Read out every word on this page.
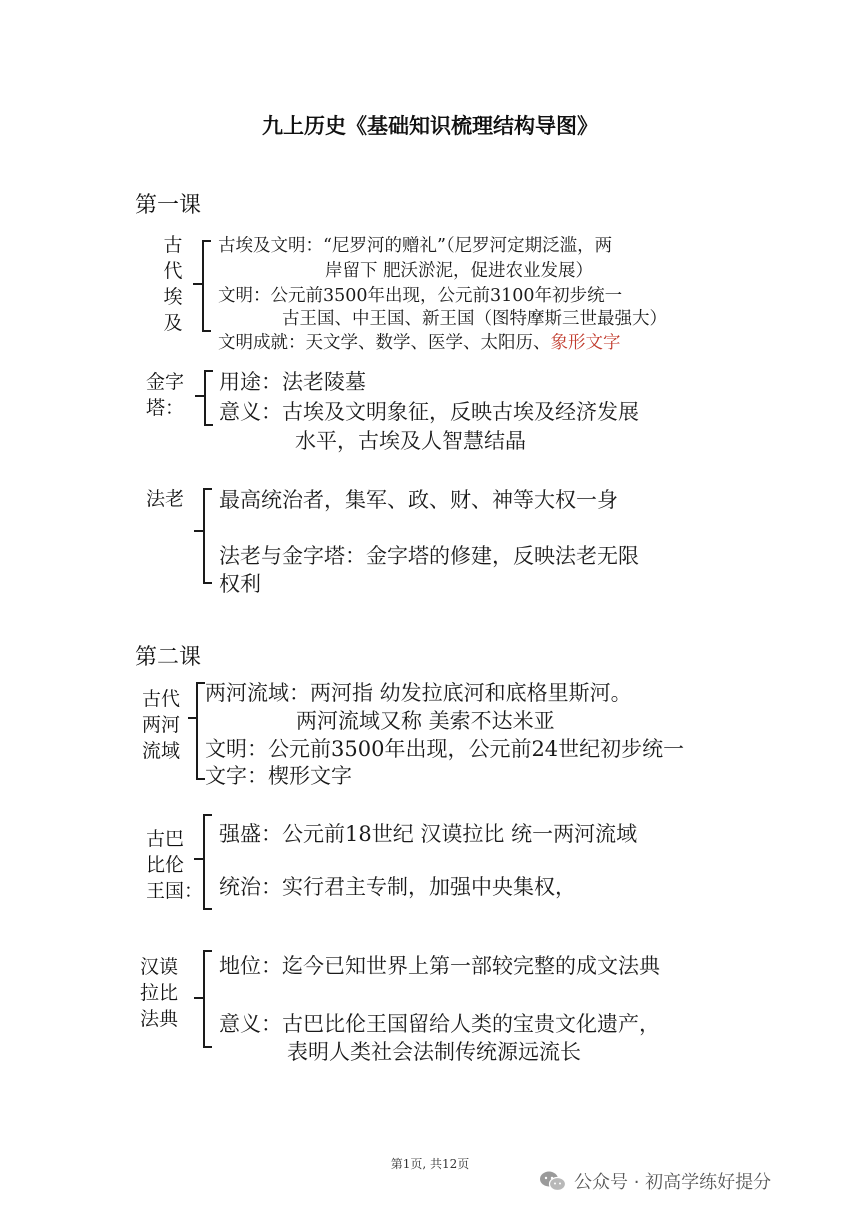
九上历史《基础知识梳理结构导图》
第一课
古
代
埃
及
古埃及文明：“尼罗河的赠礼”（尼罗河定期泛滥，两
岸留下 肥沃淤泥，促进农业发展）
文明：公元前3500年出现，公元前3100年初步统一
古王国、中王国、新王国（图特摩斯三世最强大）
文明成就：天文学、数学、医学、太阳历、象形文字
金字
塔：
用途：法老陵墓
意义：古埃及文明象征，反映古埃及经济发展
水平，古埃及人智慧结晶
法老 最高统治者，集军、政、财、神等大权一身
法老与金字塔：金字塔的修建，反映法老无限
权利
第二课
古代
两河
流域
两河流域：两河指 幼发拉底河和底格里斯河。
两河流域又称 美索不达米亚
文明：公元前3500年出现，公元前24世纪初步统一
文字：楔形文字
古巴
比伦
王国：
强盛：公元前18世纪 汉谟拉比 统一两河流域
统治：实行君主专制，加强中央集权，
汉谟
拉比
法典
地位：迄今已知世界上第一部较完整的成文法典
意义：古巴比伦王国留给人类的宝贵文化遗产，
表明人类社会法制传统源远流长
第1页, 共12页
公众号 · 初高学练好提分
